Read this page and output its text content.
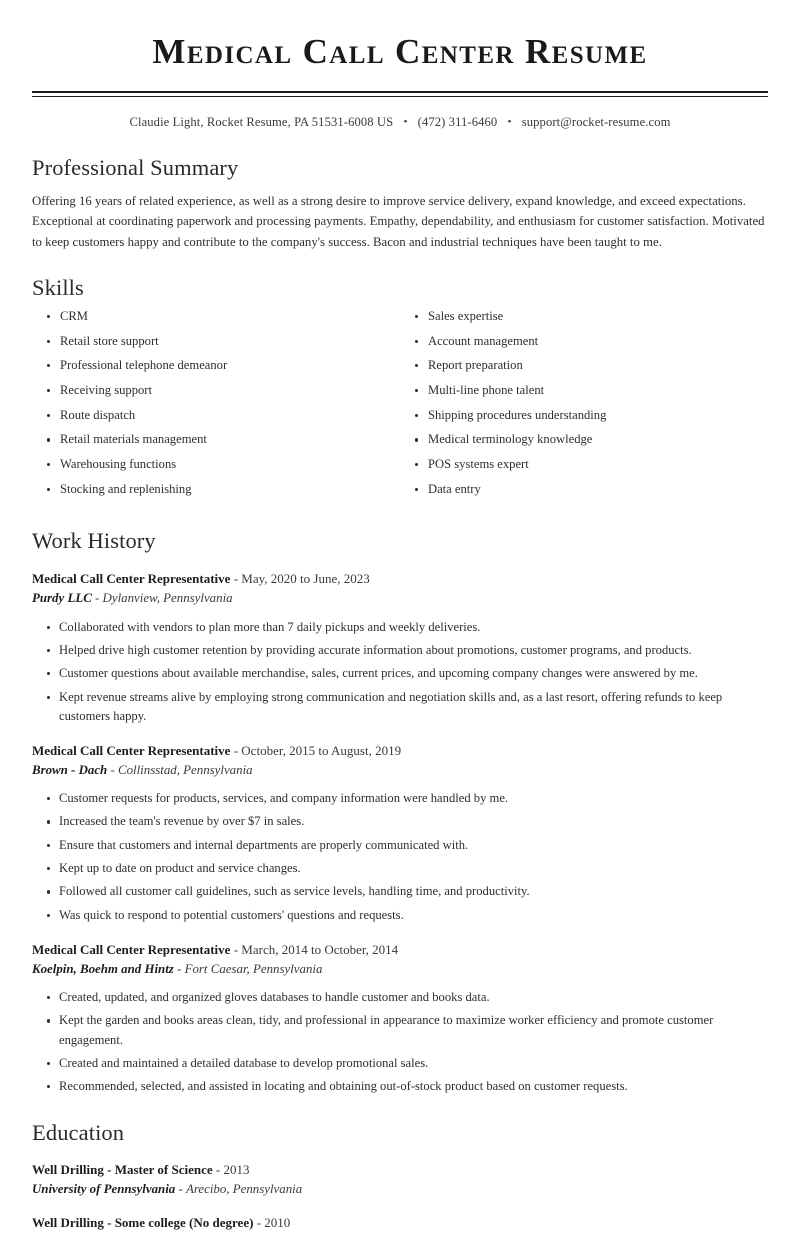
Medical Call Center Resume
Claudie Light, Rocket Resume, PA 51531-6008 US • (472) 311-6460 • support@rocket-resume.com
Professional Summary

Offering 16 years of related experience, as well as a strong desire to improve service delivery, expand knowledge, and exceed expectations. Exceptional at coordinating paperwork and processing payments. Empathy, dependability, and enthusiasm for customer satisfaction. Motivated to keep customers happy and contribute to the company's success. Bacon and industrial techniques have been taught to me.

Skills
CRM
Retail store support
Professional telephone demeanor
Receiving support
Route dispatch
Retail materials management
Warehousing functions
Stocking and replenishing
Sales expertise
Account management
Report preparation
Multi-line phone talent
Shipping procedures understanding
Medical terminology knowledge
POS systems expert
Data entry
Work History
Medical Call Center Representative - May, 2020 to June, 2023
Purdy LLC - Dylanview, Pennsylvania
Collaborated with vendors to plan more than 7 daily pickups and weekly deliveries.
Helped drive high customer retention by providing accurate information about promotions, customer programs, and products.
Customer questions about available merchandise, sales, current prices, and upcoming company changes were answered by me.
Kept revenue streams alive by employing strong communication and negotiation skills and, as a last resort, offering refunds to keep customers happy.
Medical Call Center Representative - October, 2015 to August, 2019
Brown - Dach - Collinsstad, Pennsylvania
Customer requests for products, services, and company information were handled by me.
Increased the team's revenue by over $7 in sales.
Ensure that customers and internal departments are properly communicated with.
Kept up to date on product and service changes.
Followed all customer call guidelines, such as service levels, handling time, and productivity.
Was quick to respond to potential customers' questions and requests.
Medical Call Center Representative - March, 2014 to October, 2014
Koelpin, Boehm and Hintz - Fort Caesar, Pennsylvania
Created, updated, and organized gloves databases to handle customer and books data.
Kept the garden and books areas clean, tidy, and professional in appearance to maximize worker efficiency and promote customer engagement.
Created and maintained a detailed database to develop promotional sales.
Recommended, selected, and assisted in locating and obtaining out-of-stock product based on customer requests.
Education
Well Drilling - Master of Science - 2013
University of Pennsylvania - Arecibo, Pennsylvania
Well Drilling - Some college (No degree) - 2010
